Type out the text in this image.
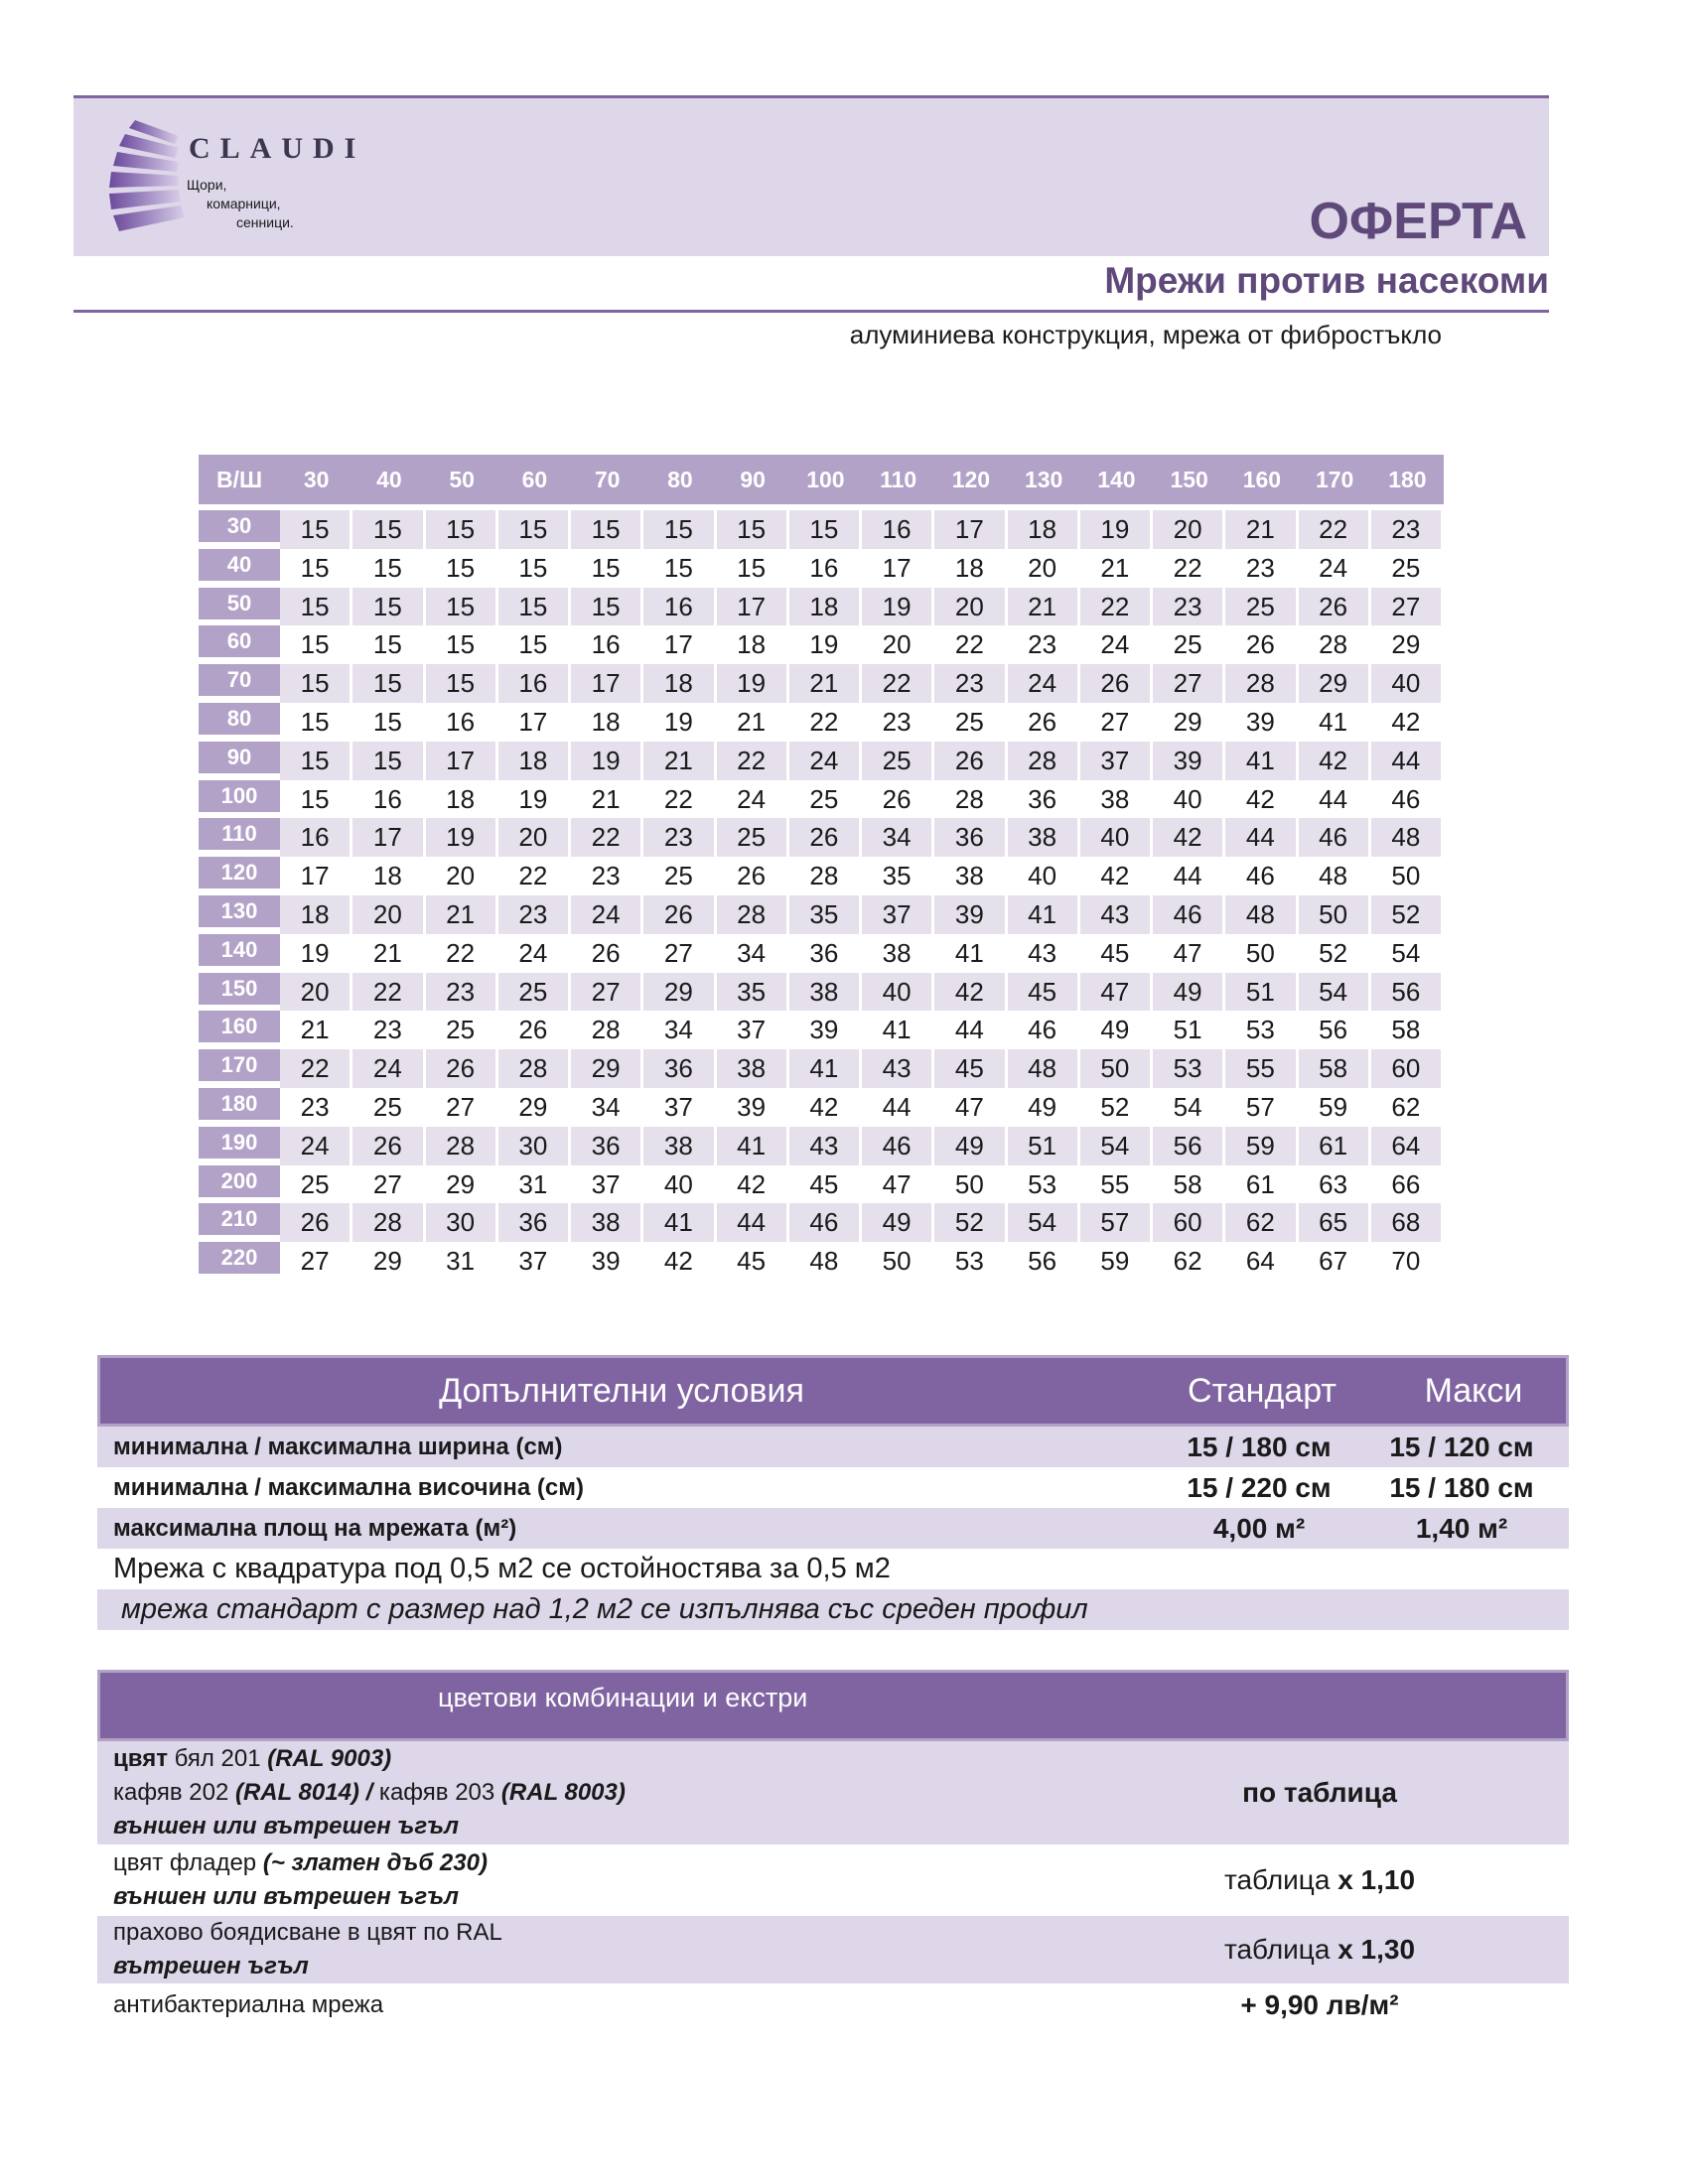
CLAUDI
Щори,
комарници,
сенници.	ОФЕРТА
Мрежи против насекоми
алуминиева конструкция, мрежа от фибростъкло
В/Ш	30	40	50	60	70	80	90	100	110	120	130	140	150	160	170	180
30	15	15	15	15	15	15	15	15	16	17	18	19	20	21	22	23
40	15	15	15	15	15	15	15	16	17	18	20	21	22	23	24	25
50	15	15	15	15	15	16	17	18	19	20	21	22	23	25	26	27
60	15	15	15	15	16	17	18	19	20	22	23	24	25	26	28	29
70	15	15	15	16	17	18	19	21	22	23	24	26	27	28	29	40
80	15	15	16	17	18	19	21	22	23	25	26	27	29	39	41	42
90	15	15	17	18	19	21	22	24	25	26	28	37	39	41	42	44
100	15	16	18	19	21	22	24	25	26	28	36	38	40	42	44	46
110	16	17	19	20	22	23	25	26	34	36	38	40	42	44	46	48
120	17	18	20	22	23	25	26	28	35	38	40	42	44	46	48	50
130	18	20	21	23	24	26	28	35	37	39	41	43	46	48	50	52
140	19	21	22	24	26	27	34	36	38	41	43	45	47	50	52	54
150	20	22	23	25	27	29	35	38	40	42	45	47	49	51	54	56
160	21	23	25	26	28	34	37	39	41	44	46	49	51	53	56	58
170	22	24	26	28	29	36	38	41	43	45	48	50	53	55	58	60
180	23	25	27	29	34	37	39	42	44	47	49	52	54	57	59	62
190	24	26	28	30	36	38	41	43	46	49	51	54	56	59	61	64
200	25	27	29	31	37	40	42	45	47	50	53	55	58	61	63	66
210	26	28	30	36	38	41	44	46	49	52	54	57	60	62	65	68
220	27	29	31	37	39	42	45	48	50	53	56	59	62	64	67	70
Допълнителни условия	Стандарт	Макси
минимална / максимална ширина (см)	15 / 180 см	15 / 120 см
минимална / максимална височина (см)	15 / 220 см	15 / 180 см
максимална площ на мрежата (м²)	4,00 м²	1,40 м²
Мрежа с квадратура под 0,5 м2 се остойностява за 0,5 м2
мрежа стандарт с размер над 1,2 м2 се изпълнява със среден профил
цветови комбинации и екстри
цвят бял 201 (RAL 9003)
кафяв 202 (RAL 8014) / кафяв 203 (RAL 8003)
външен или вътрешен ъгъл
по таблица
цвят фладер (~ златен дъб 230)
външен или вътрешен ъгъл
таблица х 1,10
прахово боядисване в цвят по RAL
вътрешен ъгъл
таблица х 1,30
антибактериална мрежа	+ 9,90 лв/м²
